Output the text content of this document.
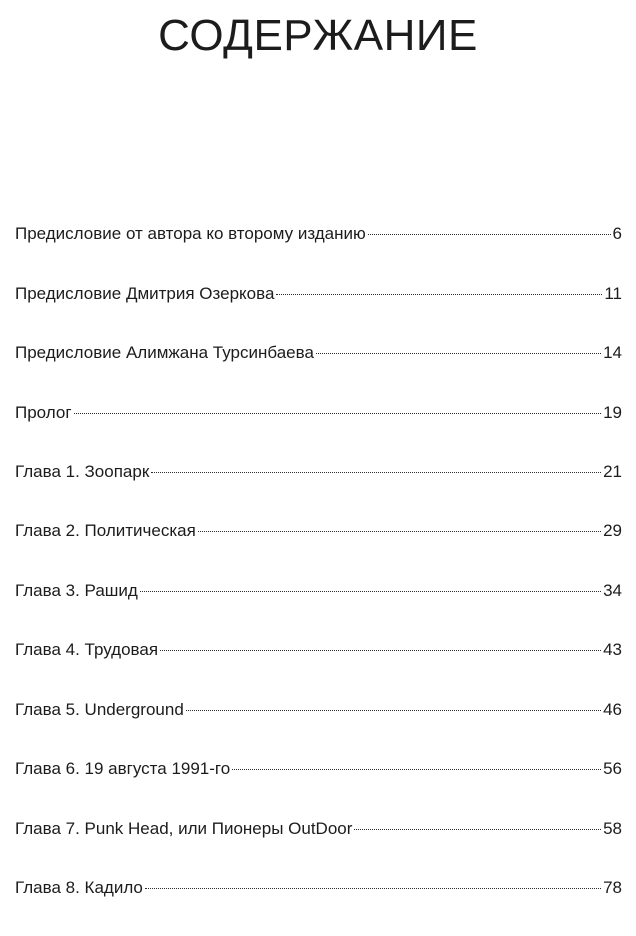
СОДЕРЖАНИЕ
Предисловие от автора ко второму изданию	6
Предисловие Дмитрия Озеркова	11
Предисловие Алимжана Турсинбаева	14
Пролог	19
Глава 1. Зоопарк	21
Глава 2. Политическая	29
Глава 3. Рашид	34
Глава 4. Трудовая	43
Глава 5. Underground	46
Глава 6. 19 августа 1991-го	56
Глава 7. Punk Head, или Пионеры OutDoor	58
Глава 8. Кадило	78
